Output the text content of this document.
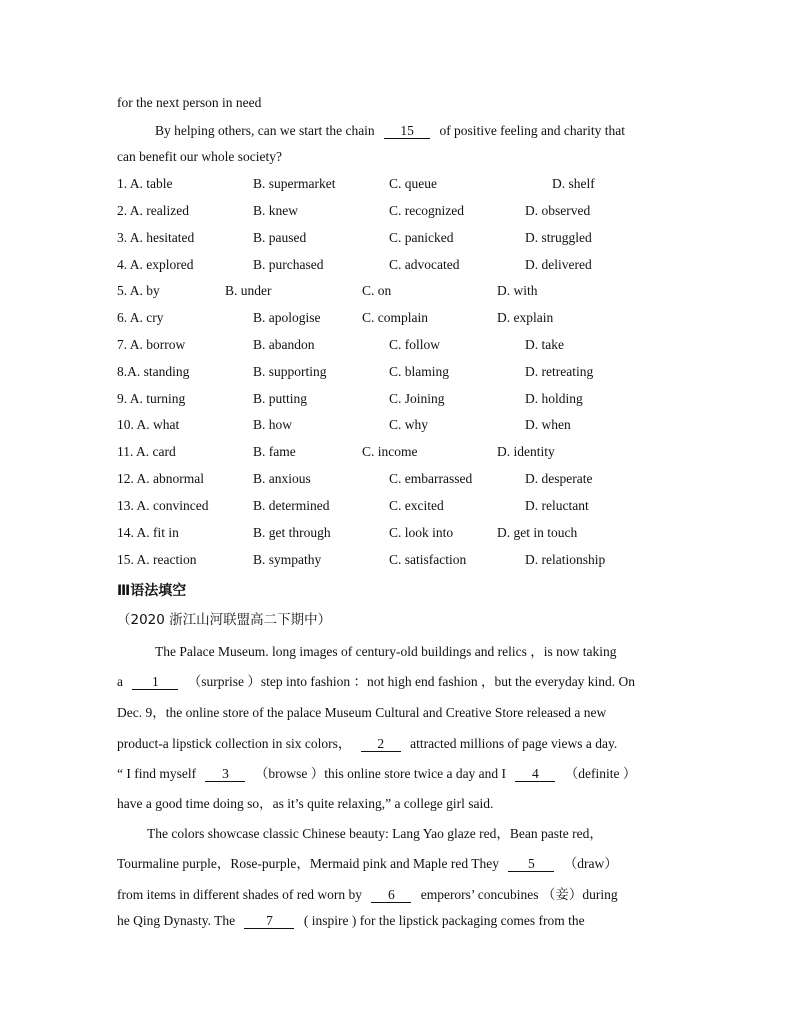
for the next person in need
By helping others, can we start the chain 15 of positive feeling and charity that
can benefit our whole society?
1. A. table	B. supermarket	C. queue	D. shelf
2. A. realized	B. knew	C. recognized	D. observed
3. A. hesitated	B. paused	C. panicked	D. struggled
4. A. explored	B. purchased	C. advocated	D. delivered
5. A. by	B. under	C. on	D. with
6. A. cry	B. apologise	C. complain	D. explain
7. A. borrow	B. abandon	C. follow	D. take
8.A. standing	B. supporting	C. blaming	D. retreating
9. A. turning	B. putting	C. Joining	D. holding
10. A. what	B. how	C. why	D. when
11. A. card	B. fame	C. income	D. identity
12. A. abnormal	B. anxious	C. embarrassed	D. desperate
13. A. convinced	B. determined	C. excited	D. reluctant
14. A. fit in	B. get through	C. look into	D. get in touch
15. A. reaction	B. sympathy	C. satisfaction	D. relationship
Ⅲ语法填空
（2020 浙江山河联盟高二下期中）
The Palace Museum. long images of century-old buildings and relics ，is now taking
a 1 （surprise ）step into fashion ：not high end fashion ，but the everyday kind. On
Dec. 9，the online store of the palace Museum Cultural and Creative Store released a new
product-a lipstick collection in six colors， 2 attracted millions of page views a day.
“ I find myself 3 （browse ）this online store twice a day and I 4 （definite ）
have a good time doing so，as it’s quite relaxing,” a college girl said.
The colors showcase classic Chinese beauty: Lang Yao glaze red，Bean paste red，
Tourmaline purple，Rose-purple，Mermaid pink and Maple red They 5 （draw）
from items in different shades of red worn by 6 emperors’ concubines （妾）during
he Qing Dynasty. The 7 ( inspire ) for the lipstick packaging comes from the
